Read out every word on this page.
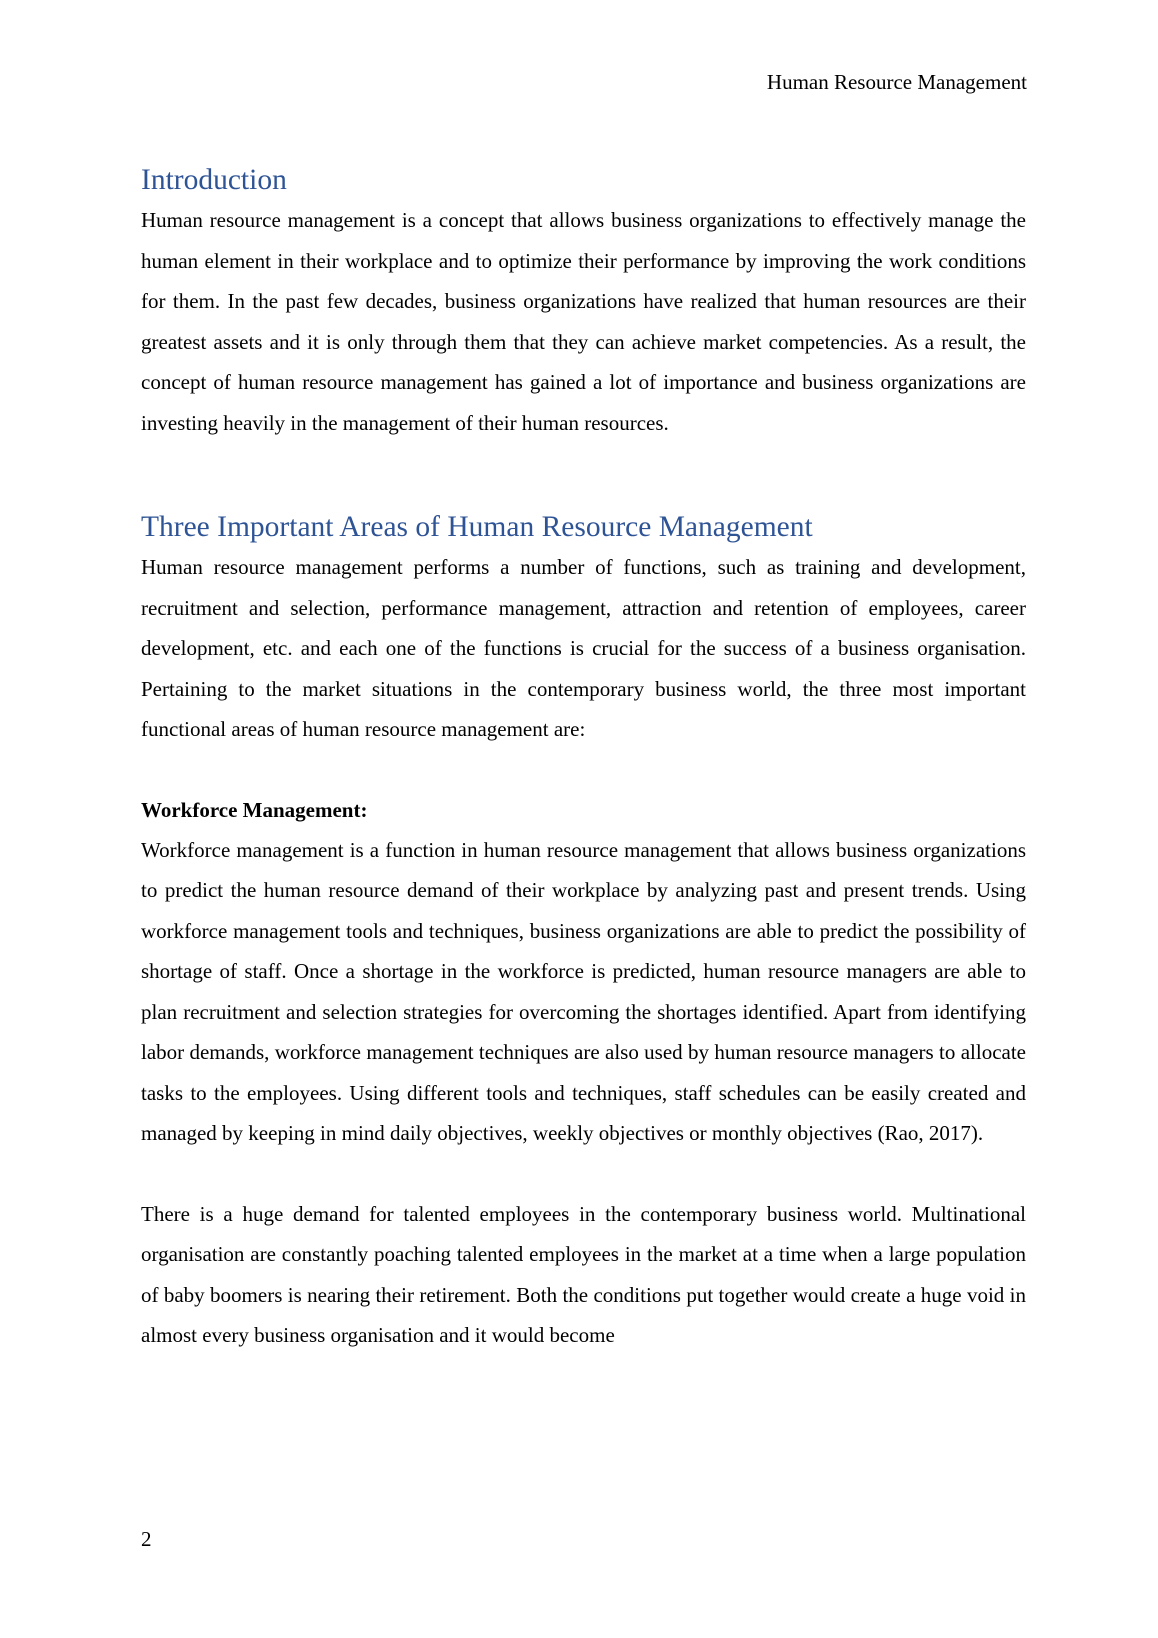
Human Resource Management
Introduction

Human resource management is a concept that allows business organizations to effectively manage the human element in their workplace and to optimize their performance by improving the work conditions for them. In the past few decades, business organizations have realized that human resources are their greatest assets and it is only through them that they can achieve market competencies. As a result, the concept of human resource management has gained a lot of importance and business organizations are investing heavily in the management of their human resources.

Three Important Areas of Human Resource Management

Human resource management performs a number of functions, such as training and development, recruitment and selection, performance management, attraction and retention of employees, career development, etc. and each one of the functions is crucial for the success of a business organisation. Pertaining to the market situations in the contemporary business world, the three most important functional areas of human resource management are:

Workforce Management:

Workforce management is a function in human resource management that allows business organizations to predict the human resource demand of their workplace by analyzing past and present trends. Using workforce management tools and techniques, business organizations are able to predict the possibility of shortage of staff. Once a shortage in the workforce is predicted, human resource managers are able to plan recruitment and selection strategies for overcoming the shortages identified. Apart from identifying labor demands, workforce management techniques are also used by human resource managers to allocate tasks to the employees. Using different tools and techniques, staff schedules can be easily created and managed by keeping in mind daily objectives, weekly objectives or monthly objectives (Rao, 2017).

There is a huge demand for talented employees in the contemporary business world. Multinational organisation are constantly poaching talented employees in the market at a time when a large population of baby boomers is nearing their retirement. Both the conditions put together would create a huge void in almost every business organisation and it would become

2
